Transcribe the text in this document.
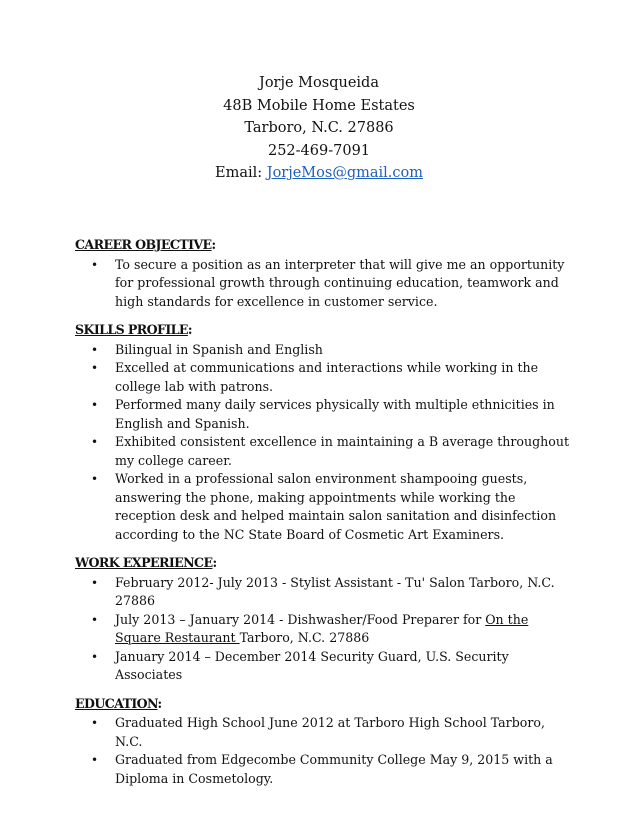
Jorje Mosqueida
48B Mobile Home Estates
Tarboro, N.C. 27886
252-469-7091
Email: JorjeMos@gmail.com
CAREER OBJECTIVE:
• To secure a position as an interpreter that will give me an opportunity for professional growth through continuing education, teamwork and high standards for excellence in customer service.
SKILLS PROFILE:
• Bilingual in Spanish and English
• Excelled at communications and interactions while working in the college lab with patrons.
• Performed many daily services physically with multiple ethnicities in English and Spanish.
• Exhibited consistent excellence in maintaining a B average throughout my college career.
• Worked in a professional salon environment shampooing guests, answering the phone, making appointments while working the reception desk and helped maintain salon sanitation and disinfection according to the NC State Board of Cosmetic Art Examiners.
WORK EXPERIENCE:
• February 2012- July 2013 - Stylist Assistant - Tu' Salon Tarboro, N.C. 27886
• July 2013 – January 2014 - Dishwasher/Food Preparer for On the Square Restaurant Tarboro, N.C. 27886
• January 2014 – December 2014 Security Guard, U.S. Security Associates
EDUCATION:
• Graduated High School June 2012 at Tarboro High School Tarboro, N.C.
• Graduated from Edgecombe Community College May 9, 2015 with a Diploma in Cosmetology.
